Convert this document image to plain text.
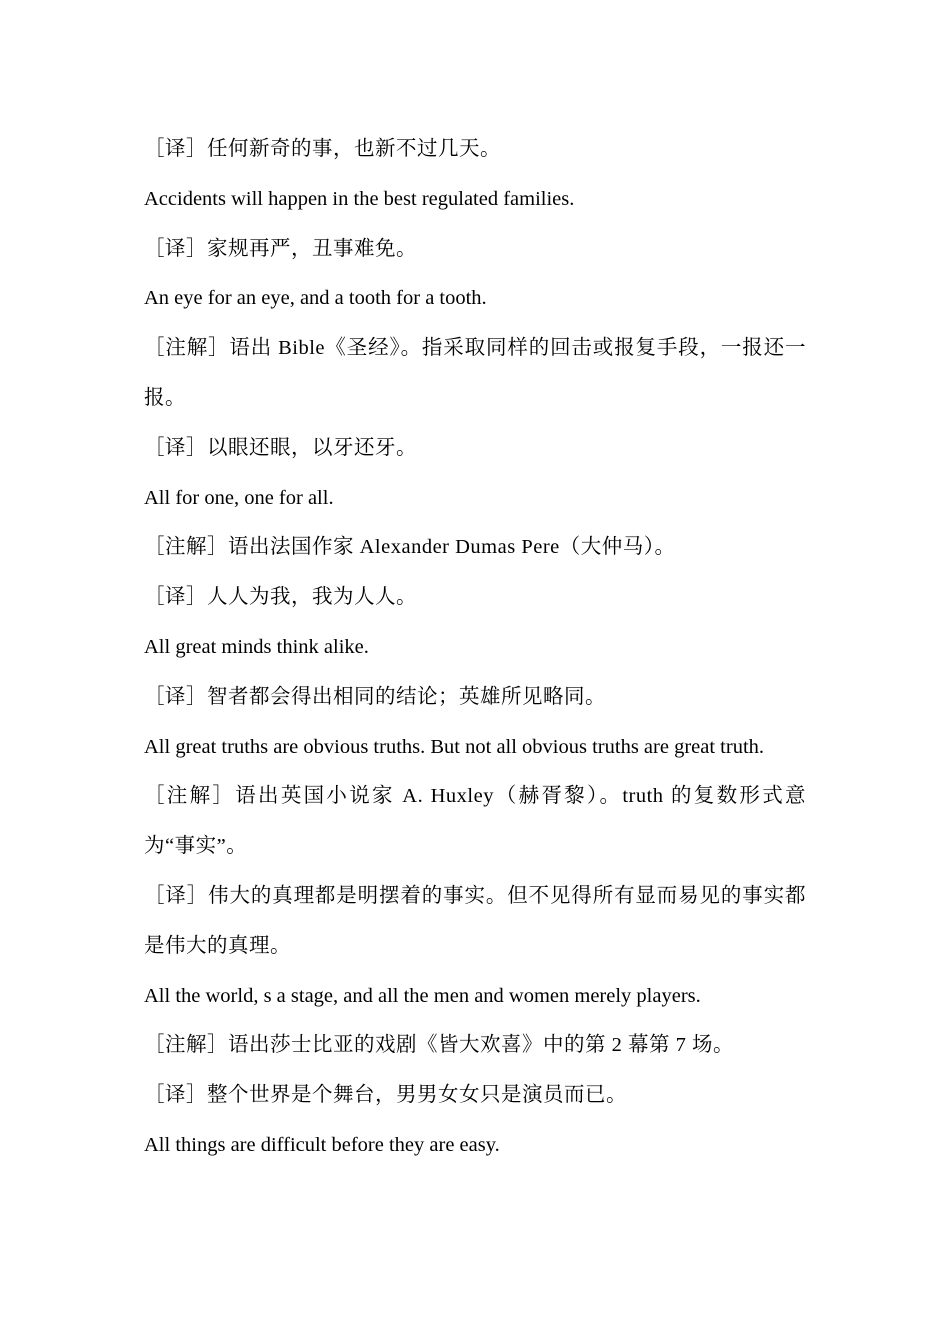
［译］任何新奇的事，也新不过几天。

Accidents will happen in the best regulated families.

［译］家规再严，丑事难免。

An eye for an eye, and a tooth for a tooth.

［注解］语出 Bible《圣经》。指采取同样的回击或报复手段，一报还一报。

［译］以眼还眼，以牙还牙。

All for one, one for all.

［注解］语出法国作家 Alexander Dumas Pere（大仲马）。

［译］人人为我，我为人人。

All great minds think alike.

［译］智者都会得出相同的结论；英雄所见略同。

All great truths are obvious truths. But not all obvious truths are great truth.

［注解］语出英国小说家 A. Huxley（赫胥黎）。truth 的复数形式意为“事实”。

［译］伟大的真理都是明摆着的事实。但不见得所有显而易见的事实都是伟大的真理。

All the world, s a stage, and all the men and women merely players.

［注解］语出莎士比亚的戏剧《皆大欢喜》中的第 2 幕第 7 场。

［译］整个世界是个舞台，男男女女只是演员而已。

All things are difficult before they are easy.
